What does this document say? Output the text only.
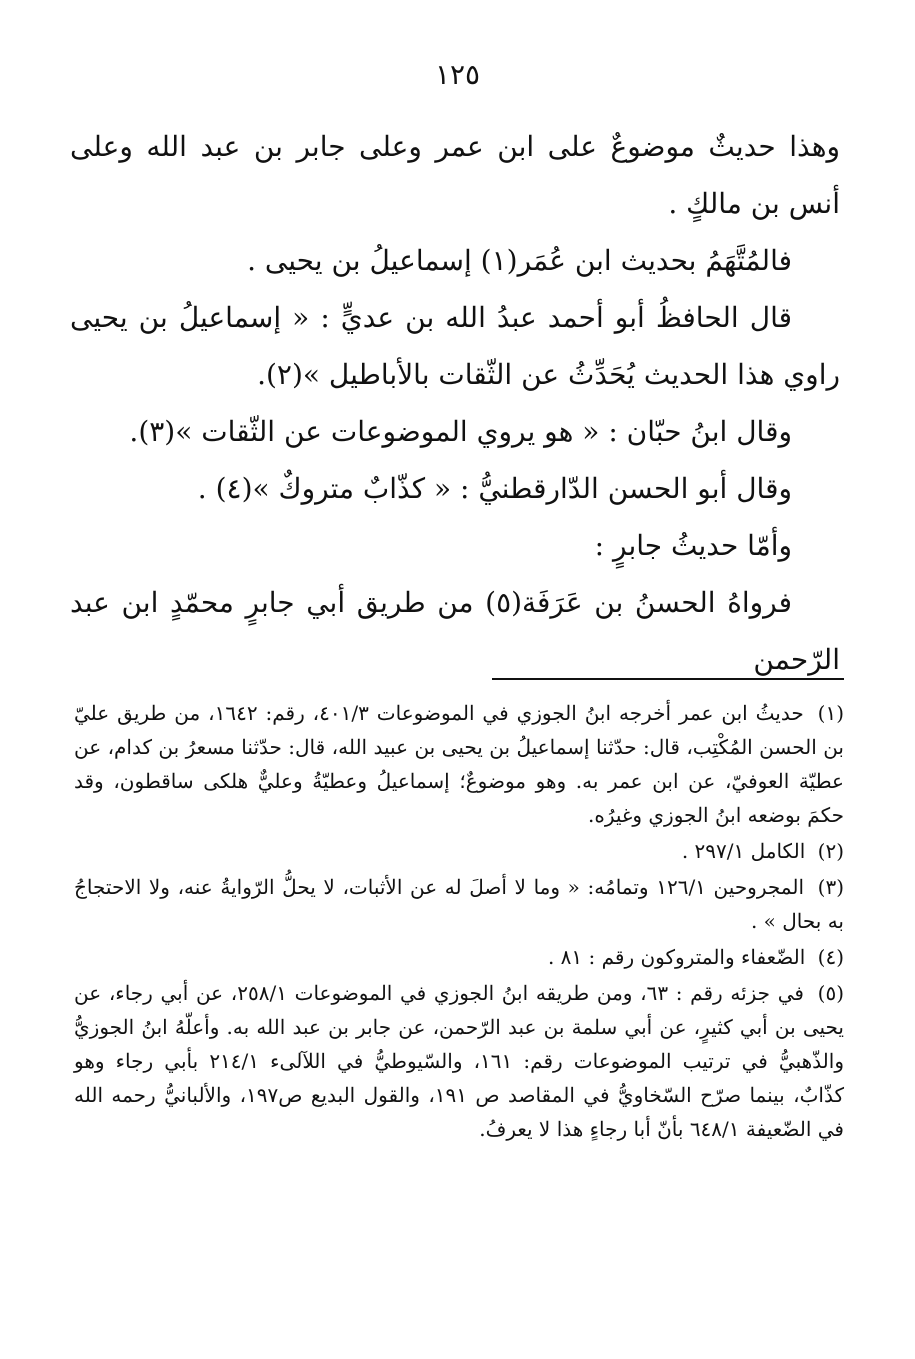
١٢٥

وهذا حديثٌ موضوعٌ على ابن عمر وعلى جابر بن عبد الله وعلى أنس بن مالكٍ .

فالمُتَّهَمُ بحديث ابن عُمَر(١) إسماعيلُ بن يحيى .

قال الحافظُ أبو أحمد عبدُ الله بن عديٍّ : « إسماعيلُ بن يحيى راوي هذا الحديث يُحَدِّثُ عن الثّقات بالأباطيل »(٢).

وقال ابنُ حبّان : « هو يروي الموضوعات عن الثّقات »(٣).

وقال أبو الحسن الدّارقطنيُّ : « كذّابٌ متروكٌ »(٤) .

وأمّا حديثُ جابرٍ :

فرواهُ الحسنُ بن عَرَفَة(٥) من طريق أبي جابرٍ محمّدٍ ابن عبد الرّحمن

(١) حديثُ ابن عمر أخرجه ابنُ الجوزي في الموضوعات ٤٠١/٣، رقم: ١٦٤٢، من طريق عليّ بن الحسن المُكْتِب، قال: حدّثنا إسماعيلُ بن يحيى بن عبيد الله، قال: حدّثنا مسعرُ بن كدام، عن عطيّة العوفيّ، عن ابن عمر به. وهو موضوعٌ؛ إسماعيلُ وعطيّةُ وعليٌّ هلكى ساقطون، وقد حكمَ بوضعه ابنُ الجوزي وغيرُه.

(٢) الكامل ٢٩٧/١ .

(٣) المجروحين ١٢٦/١ وتمامُه: « وما لا أصلَ له عن الأثبات، لا يحلُّ الرّوايةُ عنه، ولا الاحتجاجُ به بحال » .

(٤) الضّعفاء والمتروكون رقم : ٨١ .

(٥) في جزئه رقم : ٦٣، ومن طريقه ابنُ الجوزي في الموضوعات ٢٥٨/١، عن أبي رجاء، عن يحيى بن أبي كثيرٍ، عن أبي سلمة بن عبد الرّحمن، عن جابر بن عبد الله به. وأعلّهُ ابنُ الجوزيُّ والذّهبيُّ في ترتيب الموضوعات رقم: ١٦١، والسّيوطيُّ في اللآلىء ٢١٤/١ بأبي رجاء وهو كذّابٌ، بينما صرّح السّخاويُّ في المقاصد ص ١٩١، والقول البديع ص١٩٧، والألبانيُّ رحمه الله في الضّعيفة ٦٤٨/١ بأنّ أبا رجاءٍ هذا لا يعرفُ.
